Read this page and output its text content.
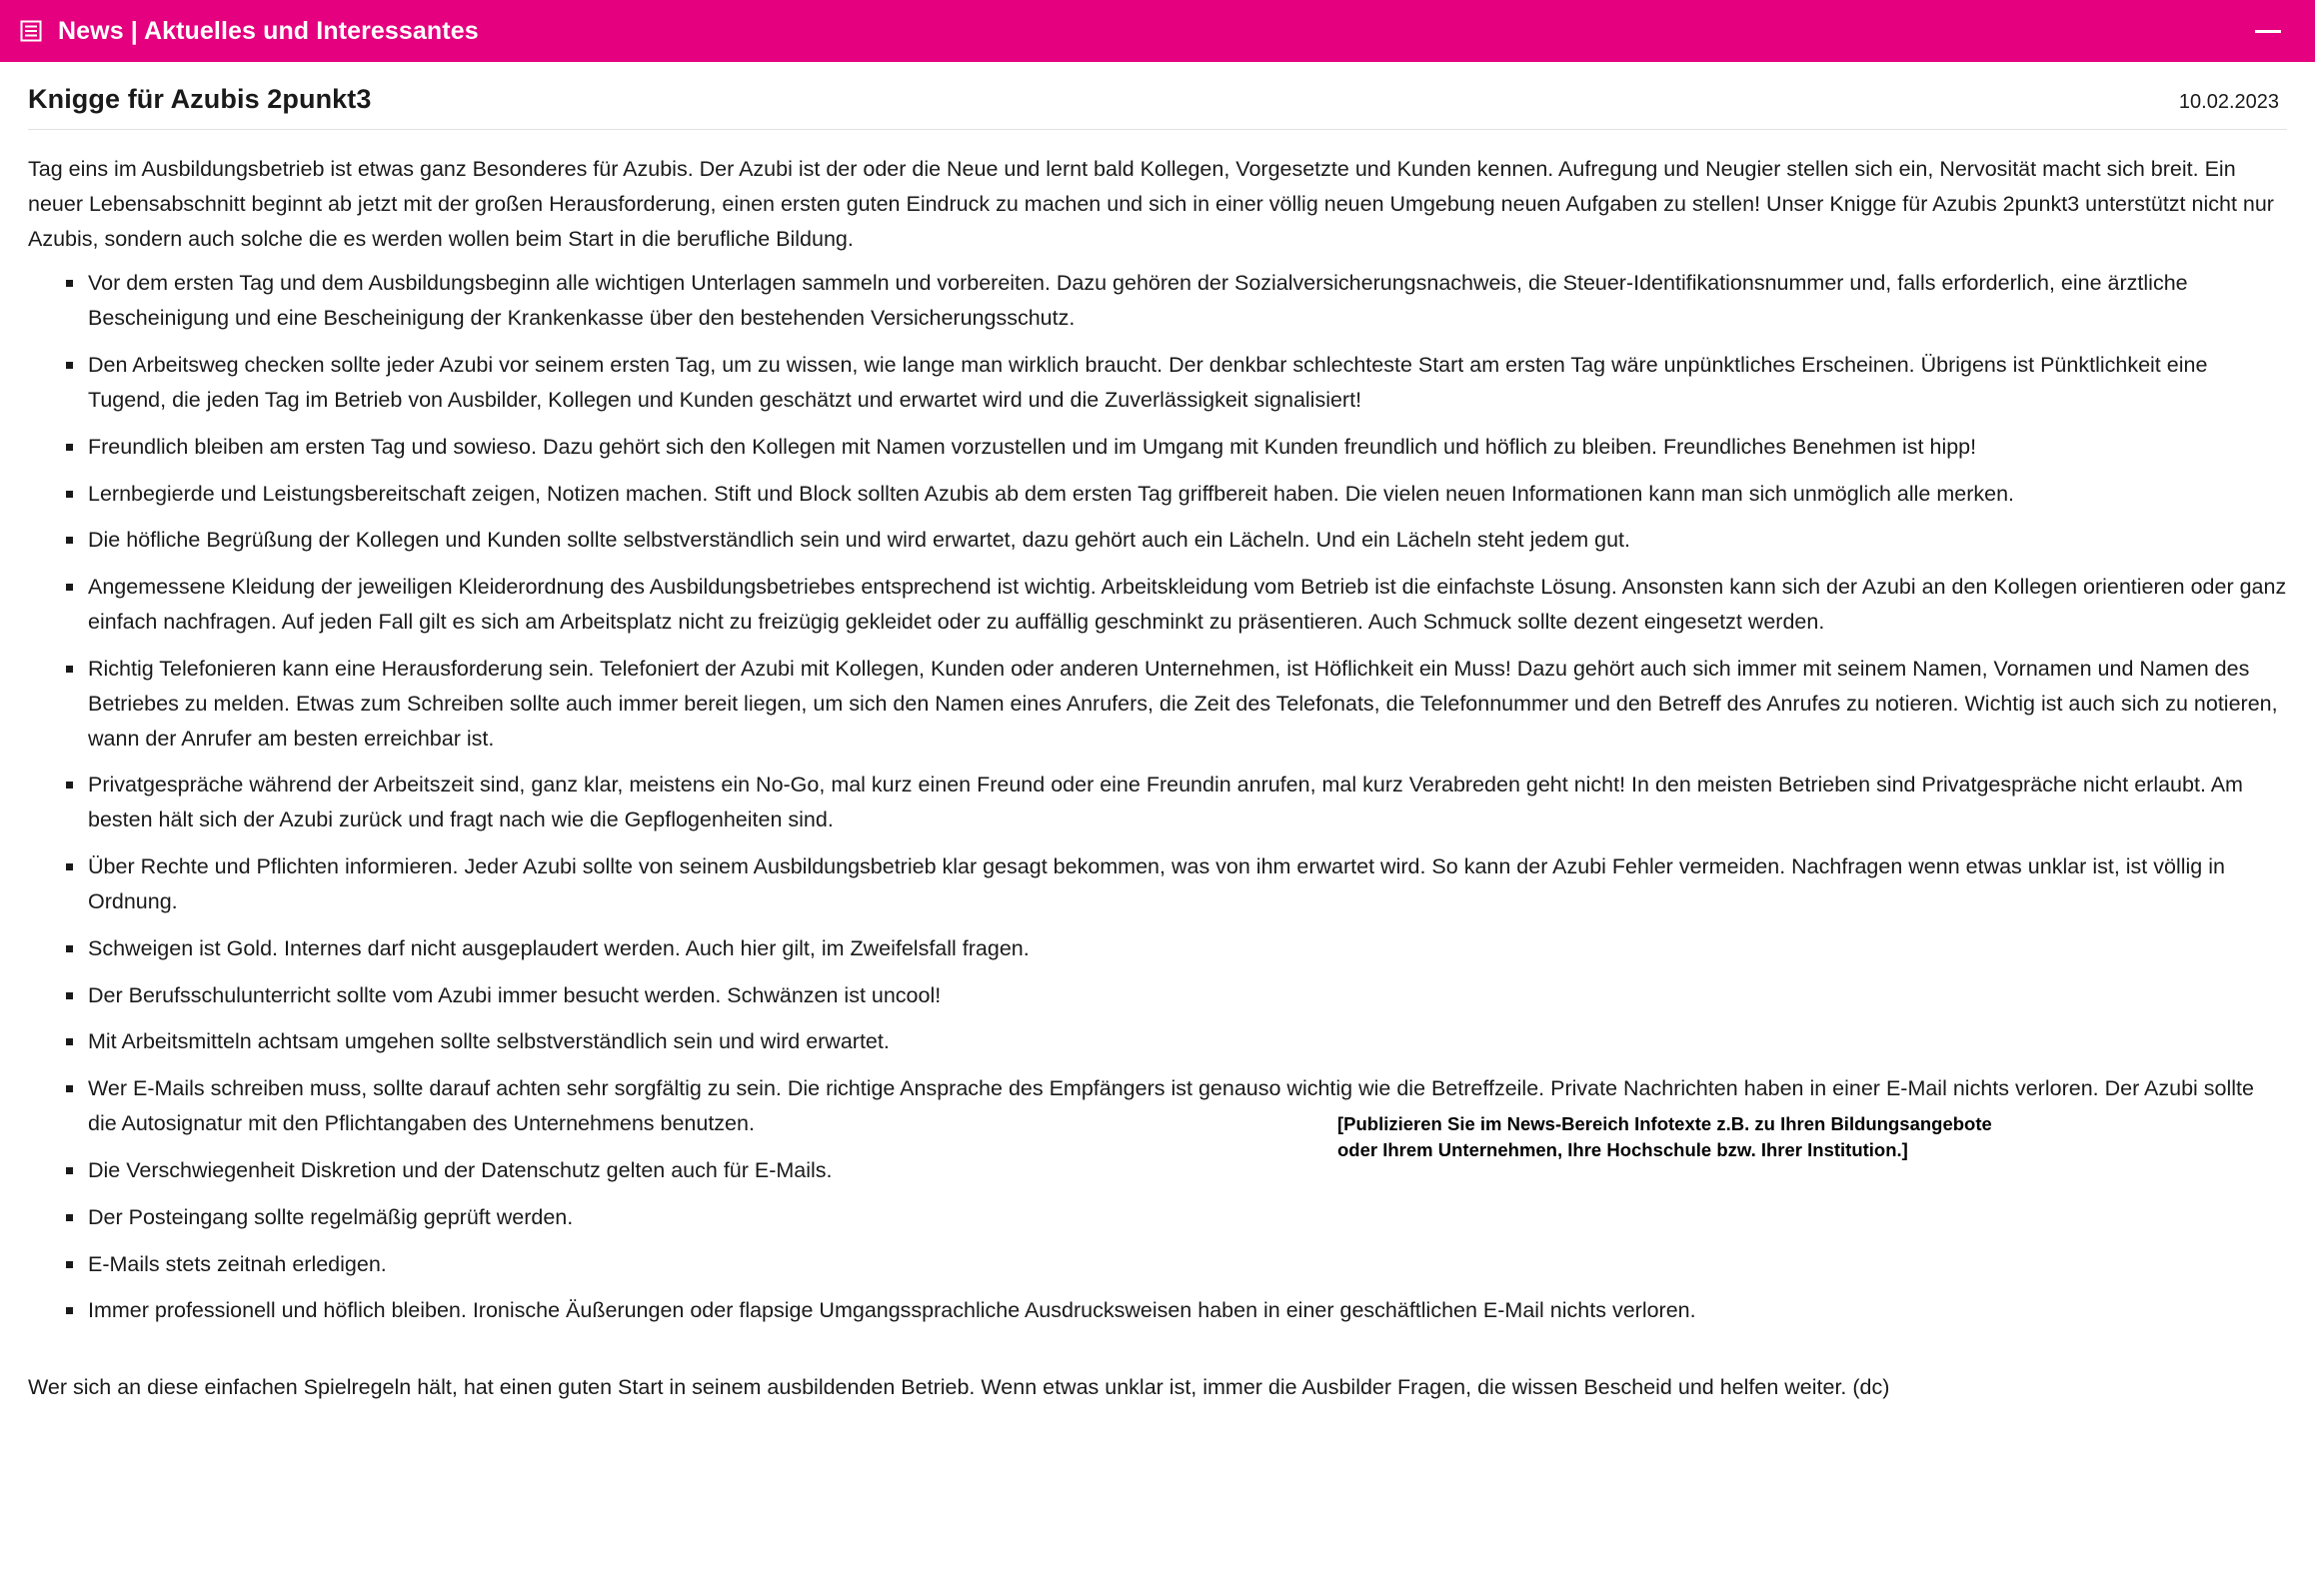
News | Aktuelles und Interessantes
Knigge für Azubis 2punkt3	10.02.2023

Tag eins im Ausbildungsbetrieb ist etwas ganz Besonderes für Azubis. Der Azubi ist der oder die Neue und lernt bald Kollegen, Vorgesetzte und Kunden kennen. Aufregung und Neugier stellen sich ein, Nervosität macht sich breit. Ein neuer Lebensabschnitt beginnt ab jetzt mit der großen Herausforderung, einen ersten guten Eindruck zu machen und sich in einer völlig neuen Umgebung neuen Aufgaben zu stellen! Unser Knigge für Azubis 2punkt3 unterstützt nicht nur Azubis, sondern auch solche die es werden wollen beim Start in die berufliche Bildung.

Vor dem ersten Tag und dem Ausbildungsbeginn alle wichtigen Unterlagen sammeln und vorbereiten. Dazu gehören der Sozialversicherungsnachweis, die Steuer-Identifikationsnummer und, falls erforderlich, eine ärztliche Bescheinigung und eine Bescheinigung der Krankenkasse über den bestehenden Versicherungsschutz.
Den Arbeitsweg checken sollte jeder Azubi vor seinem ersten Tag, um zu wissen, wie lange man wirklich braucht. Der denkbar schlechteste Start am ersten Tag wäre unpünktliches Erscheinen. Übrigens ist Pünktlichkeit eine Tugend, die jeden Tag im Betrieb von Ausbilder, Kollegen und Kunden geschätzt und erwartet wird und die Zuverlässigkeit signalisiert!
Freundlich bleiben am ersten Tag und sowieso. Dazu gehört sich den Kollegen mit Namen vorzustellen und im Umgang mit Kunden freundlich und höflich zu bleiben. Freundliches Benehmen ist hipp!
Lernbegierde und Leistungsbereitschaft zeigen, Notizen machen. Stift und Block sollten Azubis ab dem ersten Tag griffbereit haben. Die vielen neuen Informationen kann man sich unmöglich alle merken.
Die höfliche Begrüßung der Kollegen und Kunden sollte selbstverständlich sein und wird erwartet, dazu gehört auch ein Lächeln. Und ein Lächeln steht jedem gut.
Angemessene Kleidung der jeweiligen Kleiderordnung des Ausbildungsbetriebes entsprechend ist wichtig. Arbeitskleidung vom Betrieb ist die einfachste Lösung. Ansonsten kann sich der Azubi an den Kollegen orientieren oder ganz einfach nachfragen. Auf jeden Fall gilt es sich am Arbeitsplatz nicht zu freizügig gekleidet oder zu auffällig geschminkt zu präsentieren. Auch Schmuck sollte dezent eingesetzt werden.
Richtig Telefonieren kann eine Herausforderung sein. Telefoniert der Azubi mit Kollegen, Kunden oder anderen Unternehmen, ist Höflichkeit ein Muss! Dazu gehört auch sich immer mit seinem Namen, Vornamen und Namen des Betriebes zu melden. Etwas zum Schreiben sollte auch immer bereit liegen, um sich den Namen eines Anrufers, die Zeit des Telefonats, die Telefonnummer und den Betreff des Anrufes zu notieren. Wichtig ist auch sich zu notieren, wann der Anrufer am besten erreichbar ist.
Privatgespräche während der Arbeitszeit sind, ganz klar, meistens ein No-Go, mal kurz einen Freund oder eine Freundin anrufen, mal kurz Verabreden geht nicht! In den meisten Betrieben sind Privatgespräche nicht erlaubt. Am besten hält sich der Azubi zurück und fragt nach wie die Gepflogenheiten sind.
Über Rechte und Pflichten informieren. Jeder Azubi sollte von seinem Ausbildungsbetrieb klar gesagt bekommen, was von ihm erwartet wird. So kann der Azubi Fehler vermeiden. Nachfragen wenn etwas unklar ist, ist völlig in Ordnung.
Schweigen ist Gold. Internes darf nicht ausgeplaudert werden. Auch hier gilt, im Zweifelsfall fragen.
Der Berufsschulunterricht sollte vom Azubi immer besucht werden. Schwänzen ist uncool!
Mit Arbeitsmitteln achtsam umgehen sollte selbstverständlich sein und wird erwartet.
Wer E-Mails schreiben muss, sollte darauf achten sehr sorgfältig zu sein. Die richtige Ansprache des Empfängers ist genauso wichtig wie die Betreffzeile. Private Nachrichten haben in einer E-Mail nichts verloren. Der Azubi sollte die Autosignatur mit den Pflichtangaben des Unternehmens benutzen.
Die Verschwiegenheit Diskretion und der Datenschutz gelten auch für E-Mails.
Der Posteingang sollte regelmäßig geprüft werden.
E-Mails stets zeitnah erledigen.
Immer professionell und höflich bleiben. Ironische Äußerungen oder flapsige Umgangssprachliche Ausdrucksweisen haben in einer geschäftlichen E-Mail nichts verloren.

Wer sich an diese einfachen Spielregeln hält, hat einen guten Start in seinem ausbildenden Betrieb. Wenn etwas unklar ist, immer die Ausbilder Fragen, die wissen Bescheid und helfen weiter. (dc)

[Publizieren Sie im News-Bereich Infotexte z.B. zu Ihren Bildungsangebote oder Ihrem Unternehmen, Ihre Hochschule bzw. Ihrer Institution.]
